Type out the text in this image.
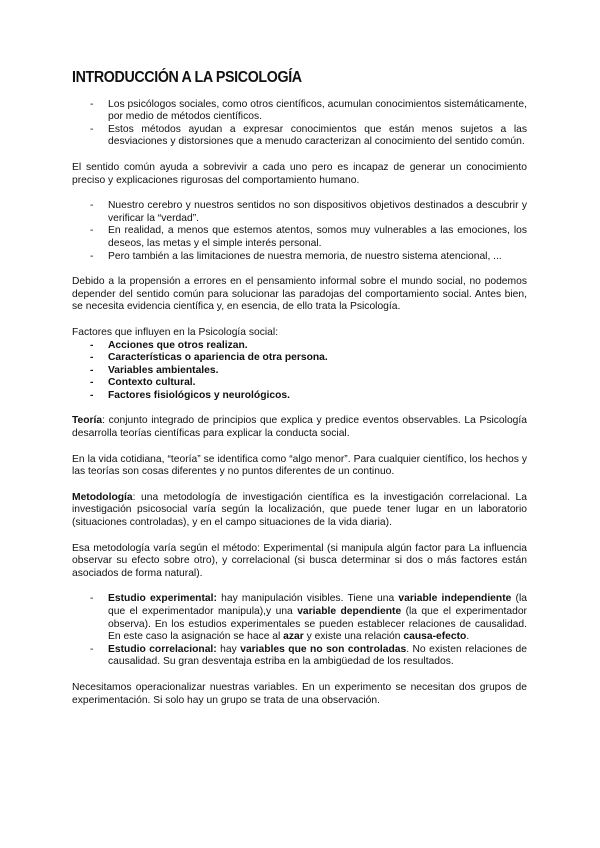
INTRODUCCIÓN A LA PSICOLOGÍA
- Los psicólogos sociales, como otros científicos, acumulan conocimientos sistemáticamente, por medio de métodos científicos.
- Estos métodos ayudan a expresar conocimientos que están menos sujetos a las desviaciones y distorsiones que a menudo caracterizan al conocimiento del sentido común.

El sentido común ayuda a sobrevivir a cada uno pero es incapaz de generar un conocimiento preciso y explicaciones rigurosas del comportamiento humano.

- Nuestro cerebro y nuestros sentidos no son dispositivos objetivos destinados a descubrir y verificar la “verdad”.
- En realidad, a menos que estemos atentos, somos muy vulnerables a las emociones, los deseos, las metas y el simple interés personal.
- Pero también a las limitaciones de nuestra memoria, de nuestro sistema atencional, ...

Debido a la propensión a errores en el pensamiento informal sobre el mundo social, no podemos depender del sentido común para solucionar las paradojas del comportamiento social. Antes bien, se necesita evidencia científica y, en esencia, de ello trata la Psicología.

Factores que influyen en la Psicología social:

- Acciones que otros realizan.
- Características o apariencia de otra persona.
- Variables ambientales.
- Contexto cultural.
- Factores fisiológicos y neurológicos.

Teoría: conjunto integrado de principios que explica y predice eventos observables. La Psicología desarrolla teorías científicas para explicar la conducta social.

En la vida cotidiana, “teoría” se identifica como “algo menor”. Para cualquier científico, los hechos y las teorías son cosas diferentes y no puntos diferentes de un continuo.

Metodología: una metodología de investigación científica es la investigación correlacional. La investigación psicosocial varía según la localización, que puede tener lugar en un laboratorio (situaciones controladas), y en el campo situaciones de la vida diaria).

Esa metodología varía según el método: Experimental (si manipula algún factor para La influencia observar su efecto sobre otro), y correlacional (si busca determinar si dos o más factores están asociados de forma natural).

- Estudio experimental: hay manipulación visibles. Tiene una variable independiente (la que el experimentador manipula),y una variable dependiente (la que el experimentador observa). En los estudios experimentales se pueden establecer relaciones de causalidad. En este caso la asignación se hace al azar y existe una relación causa-efecto.
- Estudio correlacional: hay variables que no son controladas. No existen relaciones de causalidad. Su gran desventaja estriba en la ambigüedad de los resultados.

Necesitamos operacionalizar nuestras variables. En un experimento se necesitan dos grupos de experimentación. Si solo hay un grupo se trata de una observación.
